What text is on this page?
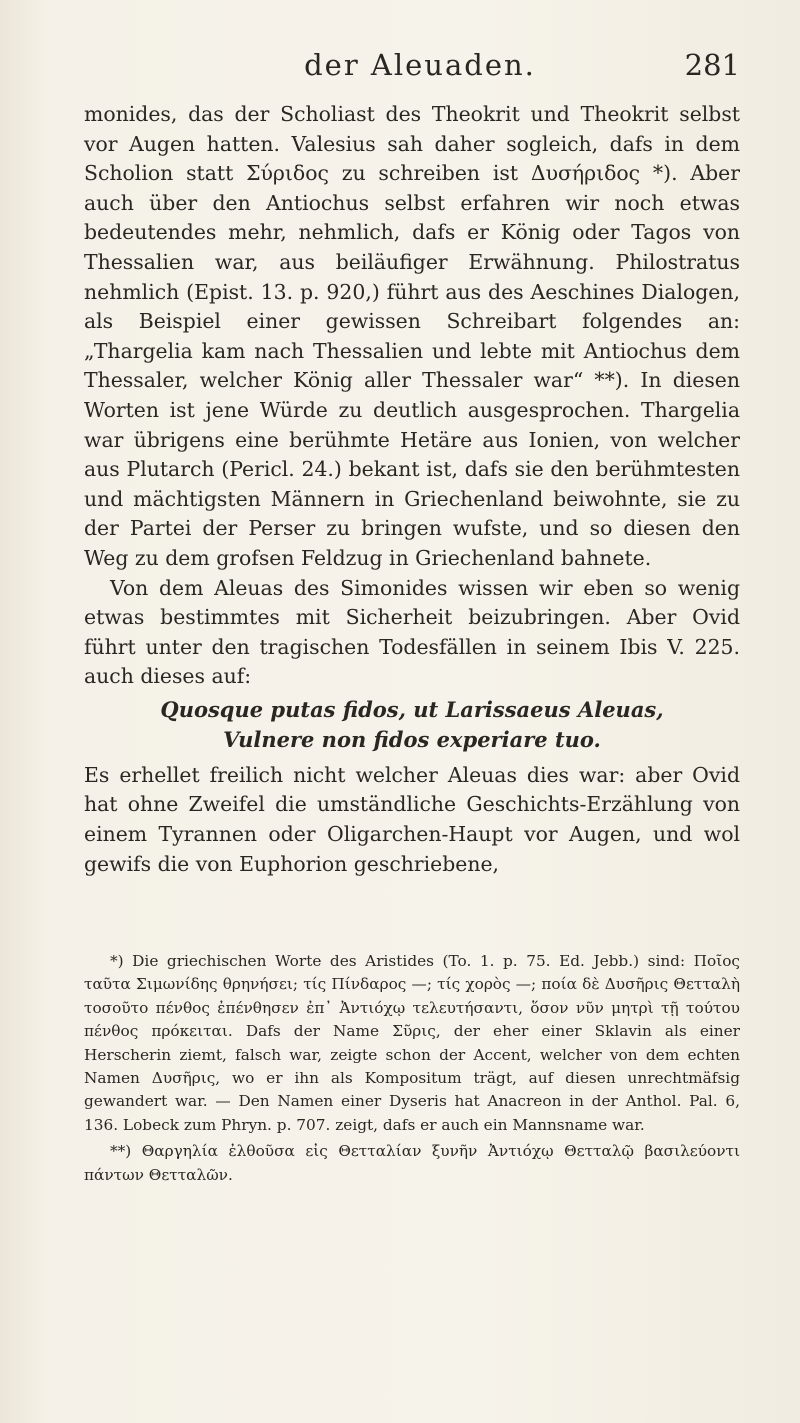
der Aleuaden.	281

monides, das der Scholiast des Theokrit und Theokrit selbst vor Augen hatten. Valesius sah daher sogleich, dafs in dem Scholion statt Σύριδος zu schreiben ist Δυσήριδος *). Aber auch über den Antiochus selbst erfahren wir noch etwas bedeutendes mehr, nehmlich, dafs er König oder Tagos von Thessalien war, aus beiläufiger Erwähnung. Philostratus nehmlich (Epist. 13. p. 920,) führt aus des Aeschines Dialogen, als Beispiel einer gewissen Schreibart folgendes an: „Thargelia kam nach Thessalien und lebte mit Antiochus dem Thessaler, welcher König aller Thessaler war“ **). In diesen Worten ist jene Würde zu deutlich ausgesprochen. Thargelia war übrigens eine berühmte Hetäre aus Ionien, von welcher aus Plutarch (Pericl. 24.) bekant ist, dafs sie den berühmtesten und mächtigsten Männern in Griechenland beiwohnte, sie zu der Partei der Perser zu bringen wufste, und so diesen den Weg zu dem grofsen Feldzug in Griechenland bahnete.

Von dem Aleuas des Simonides wissen wir eben so wenig etwas bestimmtes mit Sicherheit beizubringen. Aber Ovid führt unter den tragischen Todesfällen in seinem Ibis V. 225. auch dieses auf:

Quosque putas fidos, ut Larissaeus Aleuas,
Vulnere non fidos experiare tuo.

Es erhellet freilich nicht welcher Aleuas dies war: aber Ovid hat ohne Zweifel die umständliche Geschichts-Erzählung von einem Tyrannen oder Oligarchen-Haupt vor Augen, und wol gewifs die von Euphorion geschriebene,

*) Die griechischen Worte des Aristides (To. 1. p. 75. Ed. Jebb.) sind: Ποῖος ταῦτα Σιμωνίδης θρηνήσει; τίς Πίνδαρος —; τίς χορὸς —; ποία δὲ Δυσῆρις Θετταλὴ τοσοῦτο πένθος ἐπένθησεν ἐπ᾽ Ἀντιόχῳ τελευτήσαντι, ὅσον νῦν μητρὶ τῇ τούτου πένθος πρόκειται. Dafs der Name Σῦρις, der eher einer Sklavin als einer Herscherin ziemt, falsch war, zeigte schon der Accent, welcher von dem echten Namen Δυσῆρις, wo er ihn als Kompositum trägt, auf diesen unrechtmäfsig gewandert war. — Den Namen einer Dyseris hat Anacreon in der Anthol. Pal. 6, 136. Lobeck zum Phryn. p. 707. zeigt, dafs er auch ein Mannsname war.

**) Θαργηλία ἐλθοῦσα εἰς Θετταλίαν ξυνῆν Ἀντιόχῳ Θετταλῷ βασιλεύοντι πάντων Θετταλῶν.
